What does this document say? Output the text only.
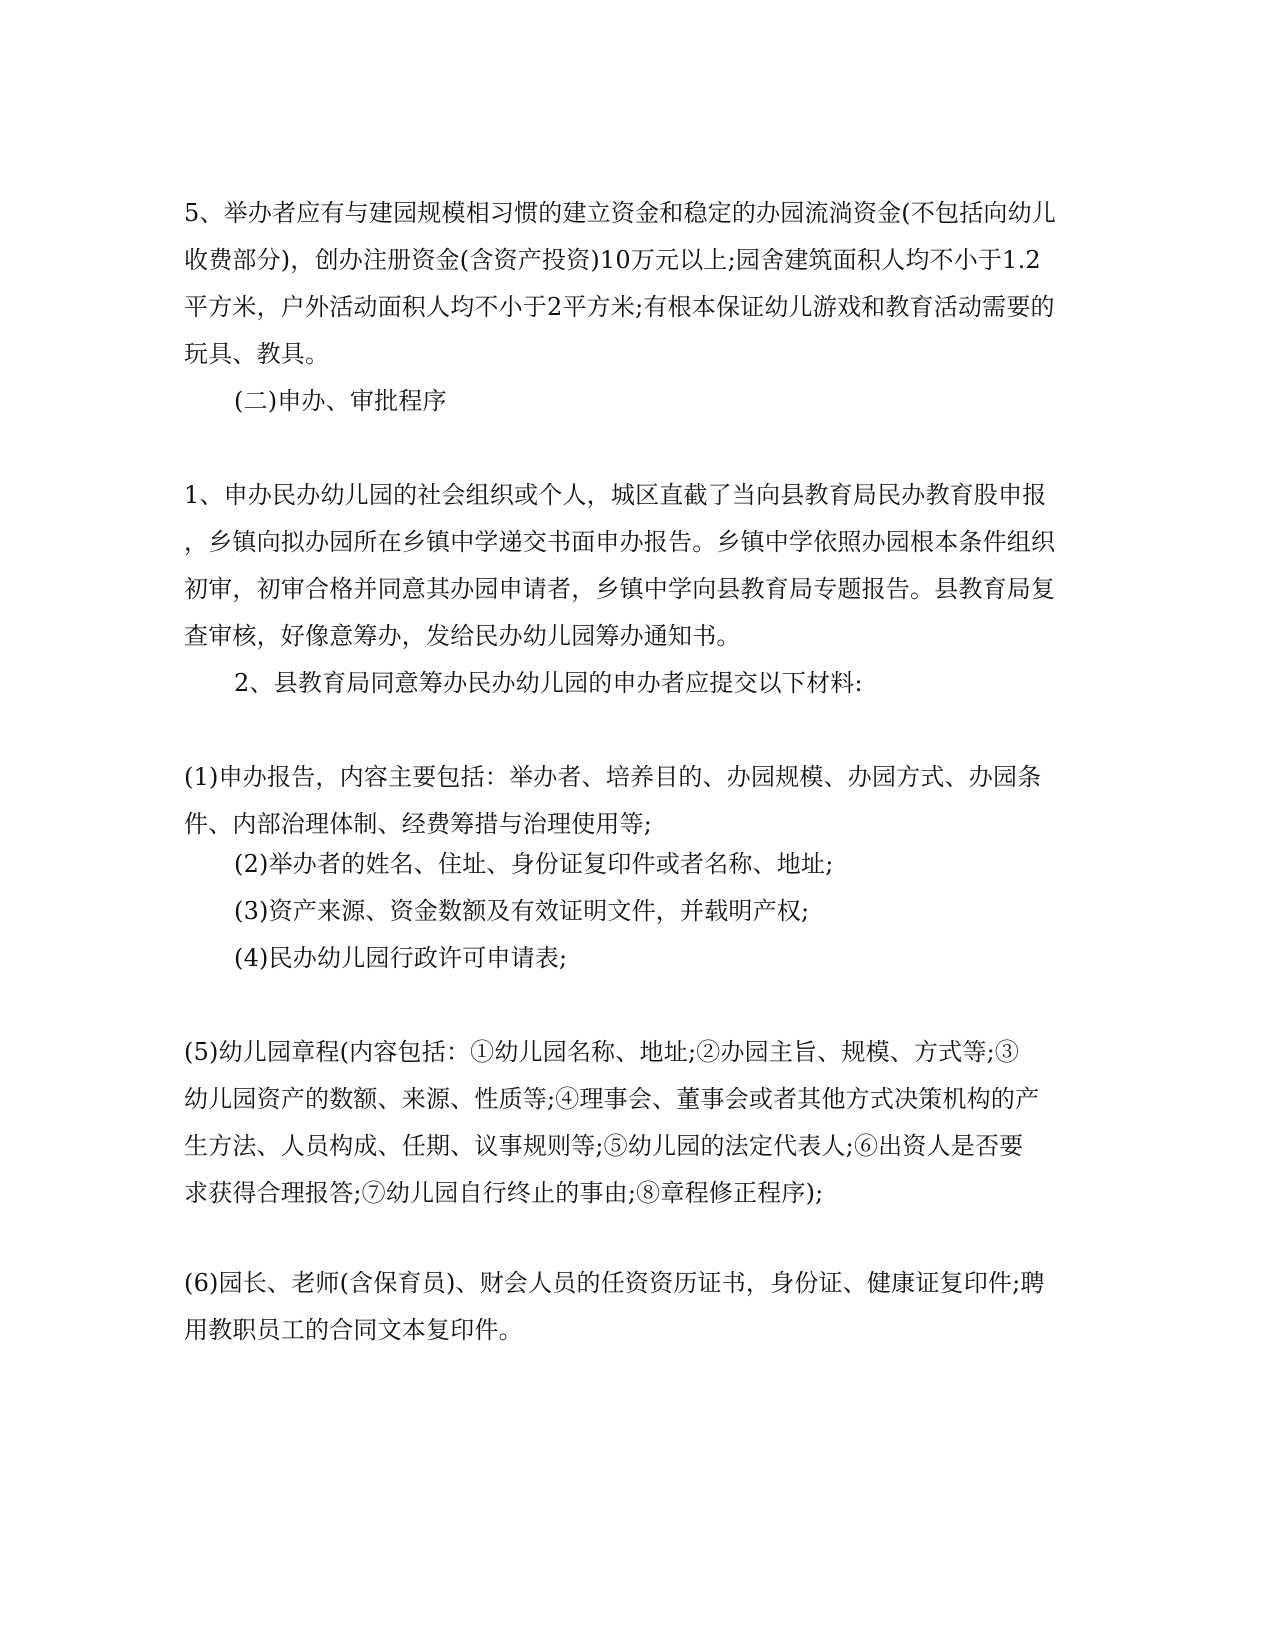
5、举办者应有与建园规模相习惯的建立资金和稳定的办园流淌资金(不包括向幼儿
收费部分)，创办注册资金(含资产投资)10万元以上;园舍建筑面积人均不小于1.2
平方米，户外活动面积人均不小于2平方米;有根本保证幼儿游戏和教育活动需要的
玩具、教具。
(二)申办、审批程序
1、申办民办幼儿园的社会组织或个人，城区直截了当向县教育局民办教育股申报
，乡镇向拟办园所在乡镇中学递交书面申办报告。乡镇中学依照办园根本条件组织
初审，初审合格并同意其办园申请者，乡镇中学向县教育局专题报告。县教育局复
查审核，好像意筹办，发给民办幼儿园筹办通知书。
2、县教育局同意筹办民办幼儿园的申办者应提交以下材料:
(1)申办报告，内容主要包括：举办者、培养目的、办园规模、办园方式、办园条
件、内部治理体制、经费筹措与治理使用等;
(2)举办者的姓名、住址、身份证复印件或者名称、地址;
(3)资产来源、资金数额及有效证明文件，并载明产权;
(4)民办幼儿园行政许可申请表;
(5)幼儿园章程(内容包括：①幼儿园名称、地址;②办园主旨、规模、方式等;③
幼儿园资产的数额、来源、性质等;④理事会、董事会或者其他方式决策机构的产
生方法、人员构成、任期、议事规则等;⑤幼儿园的法定代表人;⑥出资人是否要
求获得合理报答;⑦幼儿园自行终止的事由;⑧章程修正程序);
(6)园长、老师(含保育员)、财会人员的任资资历证书，身份证、健康证复印件;聘
用教职员工的合同文本复印件。
